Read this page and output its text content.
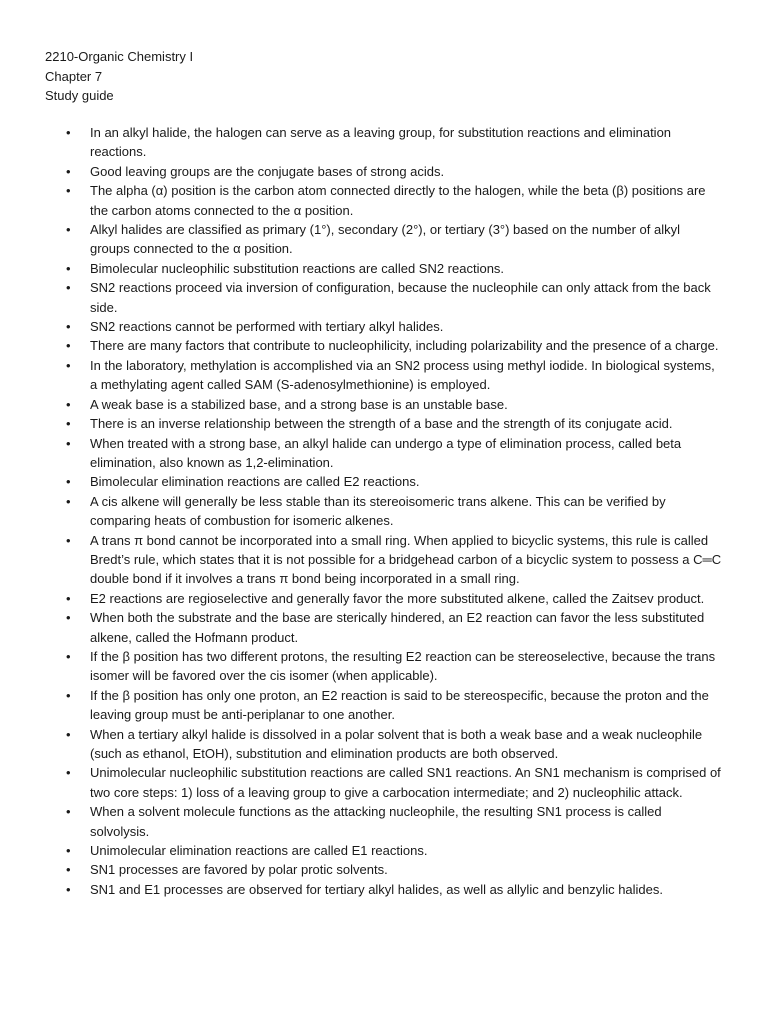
2210-Organic Chemistry I
Chapter 7
Study guide
• In an alkyl halide, the halogen can serve as a leaving group, for substitution reactions and elimination reactions.
• Good leaving groups are the conjugate bases of strong acids.
• The alpha (α) position is the carbon atom connected directly to the halogen, while the beta (β) positions are the carbon atoms connected to the α position.
• Alkyl halides are classified as primary (1°), secondary (2°), or tertiary (3°) based on the number of alkyl groups connected to the α position.
• Bimolecular nucleophilic substitution reactions are called SN2 reactions.
• SN2 reactions proceed via inversion of configuration, because the nucleophile can only attack from the back side.
• SN2 reactions cannot be performed with tertiary alkyl halides.
• There are many factors that contribute to nucleophilicity, including polarizability and the presence of a charge.
• In the laboratory, methylation is accomplished via an SN2 process using methyl iodide. In biological systems, a methylating agent called SAM (S-adenosylmethionine) is employed.
• A weak base is a stabilized base, and a strong base is an unstable base.
• There is an inverse relationship between the strength of a base and the strength of its conjugate acid.
• When treated with a strong base, an alkyl halide can undergo a type of elimination process, called beta elimination, also known as 1,2-elimination.
• Bimolecular elimination reactions are called E2 reactions.
• A cis alkene will generally be less stable than its stereoisomeric trans alkene. This can be verified by comparing heats of combustion for isomeric alkenes.
• A trans π bond cannot be incorporated into a small ring. When applied to bicyclic systems, this rule is called Bredt’s rule, which states that it is not possible for a bridgehead carbon of a bicyclic system to possess a C═C double bond if it involves a trans π bond being incorporated in a small ring.
• E2 reactions are regioselective and generally favor the more substituted alkene, called the Zaitsev product.
• When both the substrate and the base are sterically hindered, an E2 reaction can favor the less substituted alkene, called the Hofmann product.
• If the β position has two different protons, the resulting E2 reaction can be stereoselective, because the trans isomer will be favored over the cis isomer (when applicable).
• If the β position has only one proton, an E2 reaction is said to be stereospecific, because the proton and the leaving group must be anti-periplanar to one another.
• When a tertiary alkyl halide is dissolved in a polar solvent that is both a weak base and a weak nucleophile (such as ethanol, EtOH), substitution and elimination products are both observed.
• Unimolecular nucleophilic substitution reactions are called SN1 reactions. An SN1 mechanism is comprised of two core steps: 1) loss of a leaving group to give a carbocation intermediate; and 2) nucleophilic attack.
• When a solvent molecule functions as the attacking nucleophile, the resulting SN1 process is called solvolysis.
• Unimolecular elimination reactions are called E1 reactions.
• SN1 processes are favored by polar protic solvents.
• SN1 and E1 processes are observed for tertiary alkyl halides, as well as allylic and benzylic halides.
